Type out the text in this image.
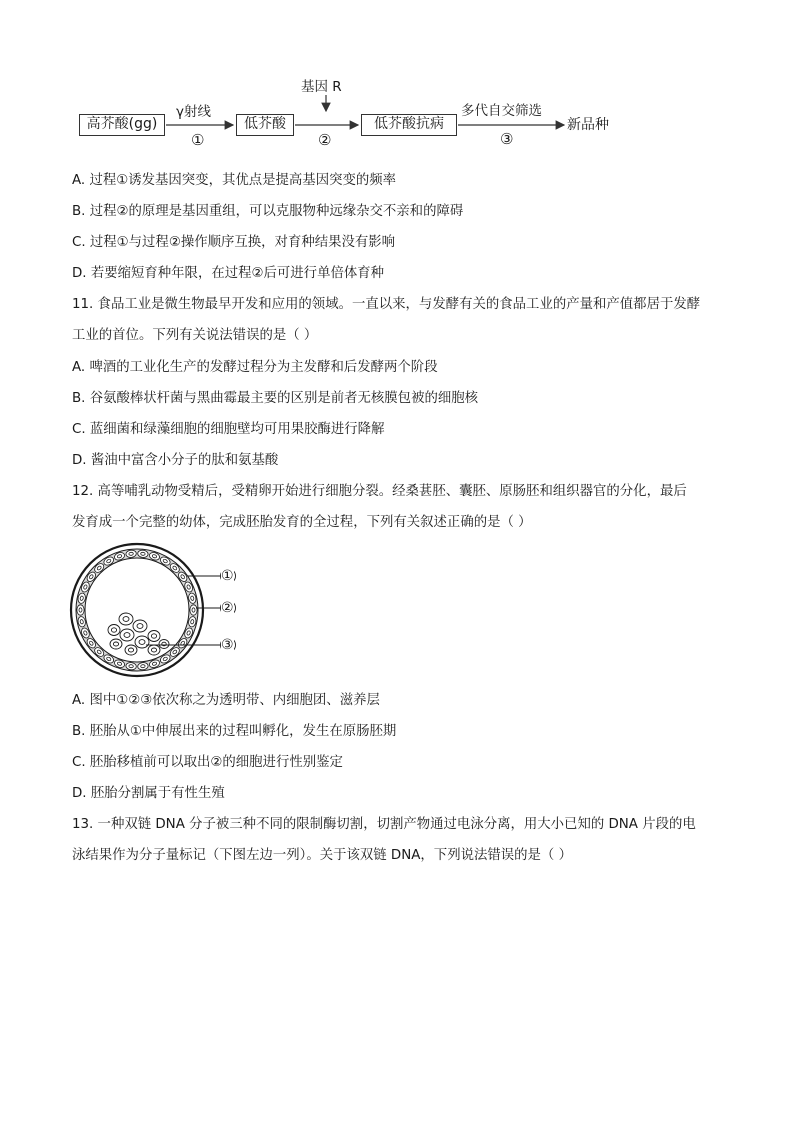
高芥酸(gg)	低芥酸	低芥酸抗病	新品种
γ射线
①
基因 R
②
多代自交筛选
③
A. 过程①诱发基因突变，其优点是提高基因突变的频率
B. 过程②的原理是基因重组，可以克服物种远缘杂交不亲和的障碍
C. 过程①与过程②操作顺序互换，对育种结果没有影响
D. 若要缩短育种年限，在过程②后可进行单倍体育种
11. 食品工业是微生物最早开发和应用的领域。一直以来，与发酵有关的食品工业的产量和产值都居于发酵
工业的首位。下列有关说法错误的是（ ）
A. 啤酒的工业化生产的发酵过程分为主发酵和后发酵两个阶段
B. 谷氨酸棒状杆菌与黑曲霉最主要的区别是前者无核膜包被的细胞核
C. 蓝细菌和绿藻细胞的细胞壁均可用果胶酶进行降解
D. 酱油中富含小分子的肽和氨基酸
12. 高等哺乳动物受精后，受精卵开始进行细胞分裂。经桑葚胚、囊胚、原肠胚和组织器官的分化，最后
发育成一个完整的幼体，完成胚胎发育的全过程，下列有关叙述正确的是（ ）
①
②
③
A. 图中①②③依次称之为透明带、内细胞团、滋养层
B. 胚胎从①中伸展出来的过程叫孵化，发生在原肠胚期
C. 胚胎移植前可以取出②的细胞进行性别鉴定
D. 胚胎分割属于有性生殖
13. 一种双链 DNA 分子被三种不同的限制酶切割，切割产物通过电泳分离，用大小已知的 DNA 片段的电
泳结果作为分子量标记（下图左边一列）。关于该双链 DNA，下列说法错误的是（ ）
